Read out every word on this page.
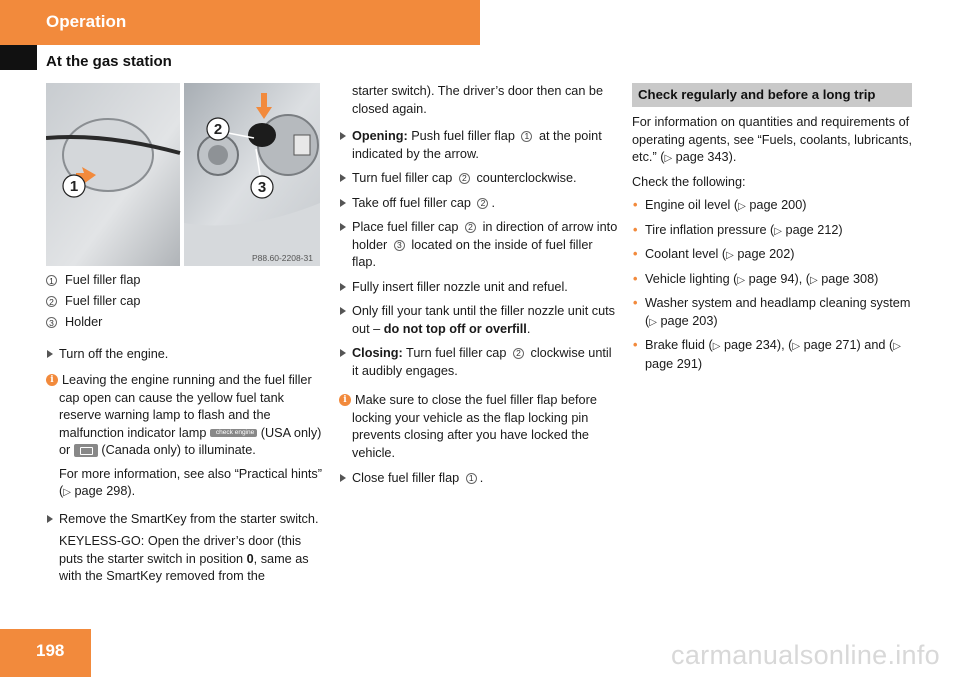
Operation
At the gas station
1
2
3
P88.60-2208-31
1 Fuel filler flap
2 Fuel filler cap
3 Holder
Turn off the engine.
i Leaving the engine running and the fuel filler cap open can cause the yellow fuel tank reserve warning lamp to flash and the malfunction indicator lamp check engine (USA only) or (Canada only) to illuminate.

For more information, see also “Practical hints” (▷ page 298).

Remove the SmartKey from the starter switch.
KEYLESS-GO: Open the driver’s door (this puts the starter switch in position 0, same as with the SmartKey removed from the
starter switch). The driver’s door then can be closed again.
Opening: Push fuel filler flap 1 at the point indicated by the arrow.
Turn fuel filler cap 2 counterclockwise.
Take off fuel filler cap 2 .
Place fuel filler cap 2 in direction of arrow into holder 3 located on the inside of fuel filler flap.
Fully insert filler nozzle unit and refuel.
Only fill your tank until the filler nozzle unit cuts out – do not top off or overfill.
Closing: Turn fuel filler cap 2 clockwise until it audibly engages.
i Make sure to close the fuel filler flap before locking your vehicle as the flap locking pin prevents closing after you have locked the vehicle.

Close fuel filler flap 1 .
Check regularly and before a long trip
For information on quantities and requirements of operating agents, see “Fuels, coolants, lubricants, etc.” (▷ page 343).
Check the following:
• Engine oil level (▷ page 200)
• Tire inflation pressure (▷ page 212)
• Coolant level (▷ page 202)
• Vehicle lighting (▷ page 94), (▷ page 308)
• Washer system and headlamp cleaning system (▷ page 203)
• Brake fluid (▷ page 234), (▷ page 271) and (▷ page 291)
198	carmanualsonline.info
